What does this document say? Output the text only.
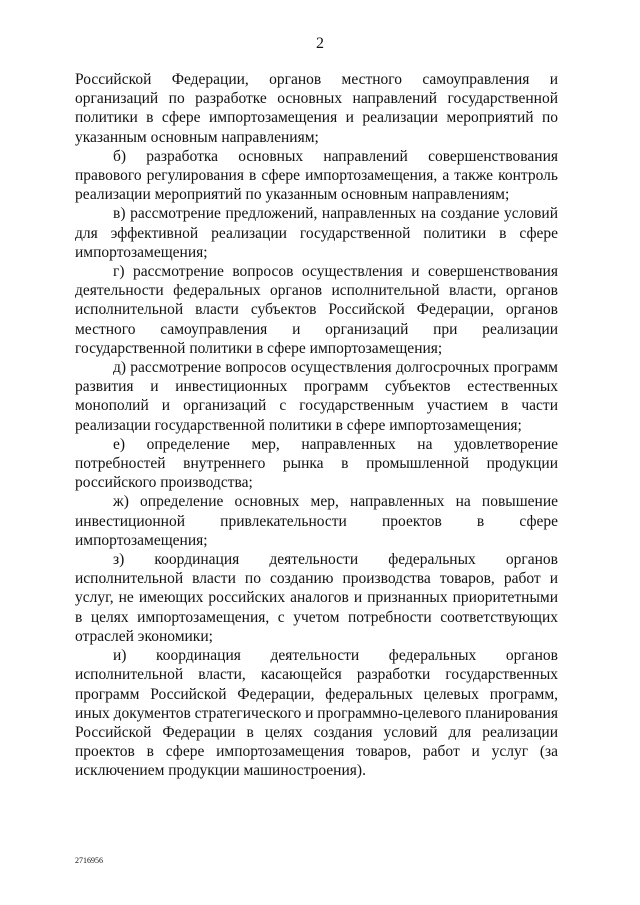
2

Российской Федерации, органов местного самоуправления и организаций по разработке основных направлений государственной политики в сфере импортозамещения и реализации мероприятий по указанным основным направлениям;

б) разработка основных направлений совершенствования правового регулирования в сфере импортозамещения, а также контроль реализации мероприятий по указанным основным направлениям;

в) рассмотрение предложений, направленных на создание условий для эффективной реализации государственной политики в сфере импортозамещения;

г) рассмотрение вопросов осуществления и совершенствования деятельности федеральных органов исполнительной власти, органов исполнительной власти субъектов Российской Федерации, органов местного самоуправления и организаций при реализации государственной политики в сфере импортозамещения;

д) рассмотрение вопросов осуществления долгосрочных программ развития и инвестиционных программ субъектов естественных монополий и организаций с государственным участием в части реализации государственной политики в сфере импортозамещения;

е) определение мер, направленных на удовлетворение потребностей внутреннего рынка в промышленной продукции российского производства;

ж) определение основных мер, направленных на повышение инвестиционной привлекательности проектов в сфере импортозамещения;

з) координация деятельности федеральных органов исполнительной власти по созданию производства товаров, работ и услуг, не имеющих российских аналогов и признанных приоритетными в целях импортозамещения, с учетом потребности соответствующих отраслей экономики;

и) координация деятельности федеральных органов исполнительной власти, касающейся разработки государственных программ Российской Федерации, федеральных целевых программ, иных документов стратегического и программно-целевого планирования Российской Федерации в целях создания условий для реализации проектов в сфере импортозамещения товаров, работ и услуг (за исключением продукции машиностроения).

2716956
